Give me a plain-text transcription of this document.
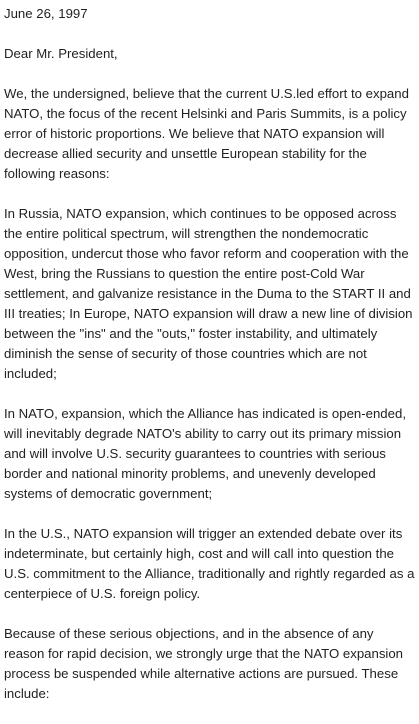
June 26, 1997

Dear Mr. President,

We, the undersigned, believe that the current U.S.led effort to expand NATO, the focus of the recent Helsinki and Paris Summits, is a policy error of historic proportions. We believe that NATO expansion will decrease allied security and unsettle European stability for the following reasons:

In Russia, NATO expansion, which continues to be opposed across the entire political spectrum, will strengthen the nondemocratic opposition, undercut those who favor reform and cooperation with the West, bring the Russians to question the entire post-Cold War settlement, and galvanize resistance in the Duma to the START II and III treaties; In Europe, NATO expansion will draw a new line of division between the "ins" and the "outs," foster instability, and ultimately diminish the sense of security of those countries which are not included;

In NATO, expansion, which the Alliance has indicated is open-ended, will inevitably degrade NATO's ability to carry out its primary mission and will involve U.S. security guarantees to countries with serious border and national minority problems, and unevenly developed systems of democratic government;

In the U.S., NATO expansion will trigger an extended debate over its indeterminate, but certainly high, cost and will call into question the U.S. commitment to the Alliance, traditionally and rightly regarded as a centerpiece of U.S. foreign policy.

Because of these serious objections, and in the absence of any reason for rapid decision, we strongly urge that the NATO expansion process be suspended while alternative actions are pursued. These include:
